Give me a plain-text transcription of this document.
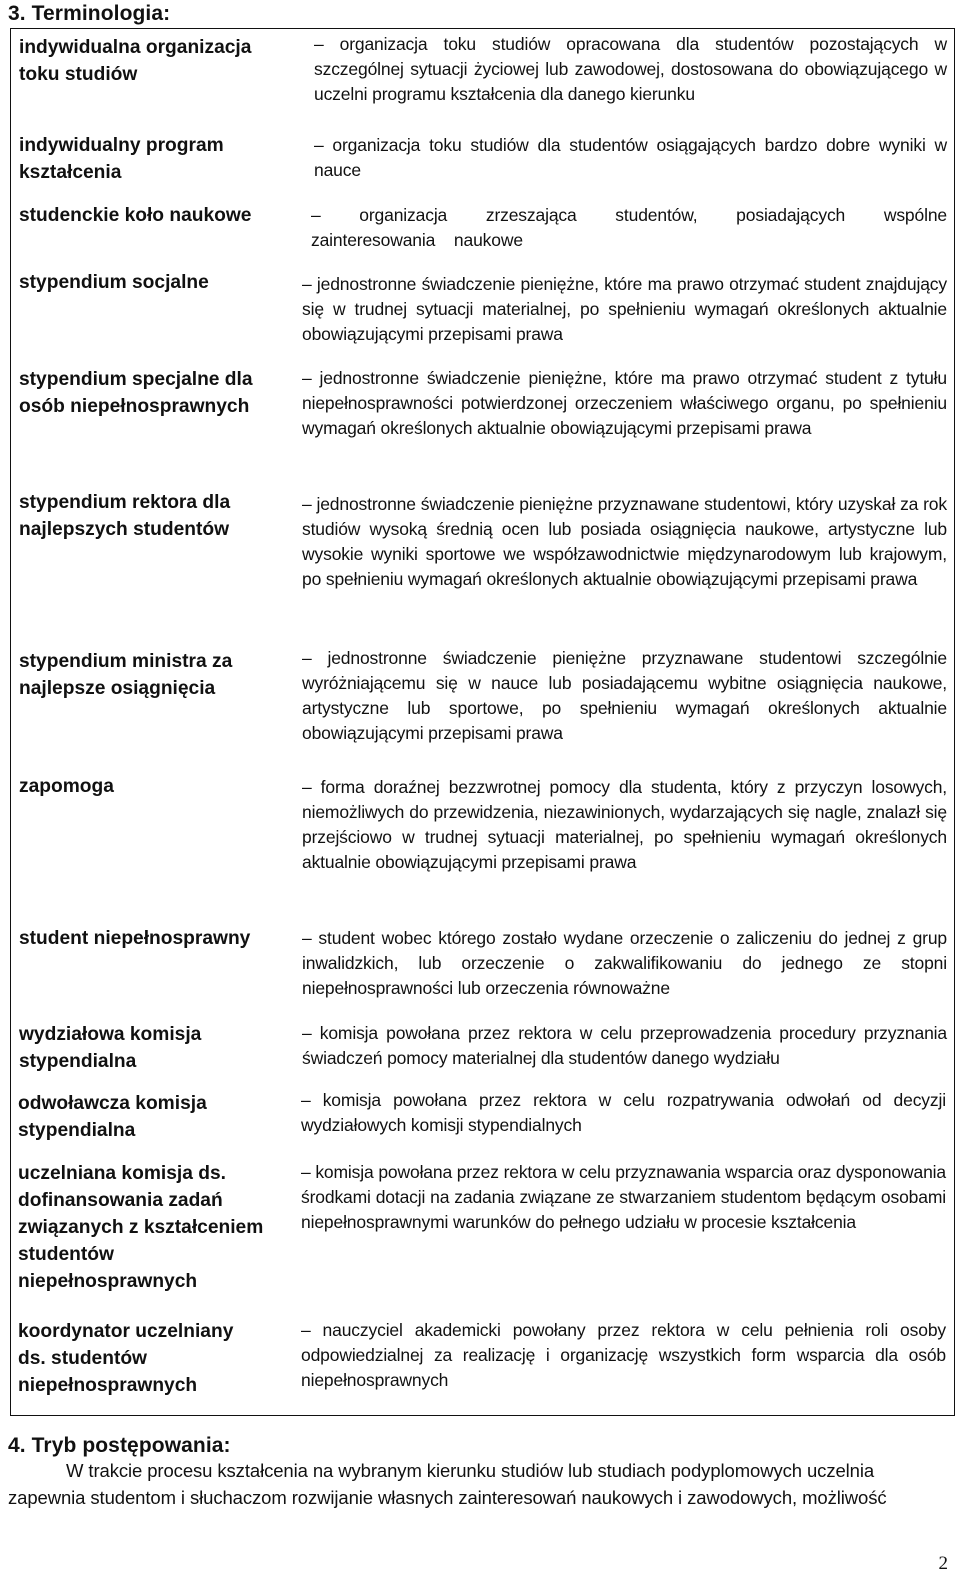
3. Terminologia:
indywidualna organizacja toku studiów
– organizacja toku studiów opracowana dla studentów pozostających w szczególnej sytuacji życiowej lub zawodowej, dostosowana do obowiązującego w uczelni programu kształcenia dla danego kierunku
indywidualny program kształcenia
– organizacja toku studiów dla studentów osiągających bardzo dobre wyniki w nauce
studenckie koło naukowe	– organizacja zrzeszająca studentów, posiadających wspólne zainteresowania naukowe
stypendium socjalne	– jednostronne świadczenie pieniężne, które ma prawo otrzymać student znajdujący się w trudnej sytuacji materialnej, po spełnieniu wymagań określonych aktualnie obowiązującymi przepisami prawa
stypendium specjalne dla osób niepełnosprawnych
– jednostronne świadczenie pieniężne, które ma prawo otrzymać student z tytułu niepełnosprawności potwierdzonej orzeczeniem właściwego organu, po spełnieniu wymagań określonych aktualnie obowiązującymi przepisami prawa
stypendium rektora dla najlepszych studentów
– jednostronne świadczenie pieniężne przyznawane studentowi, który uzyskał za rok studiów wysoką średnią ocen lub posiada osiągnięcia naukowe, artystyczne lub wysokie wyniki sportowe we współzawodnictwie międzynarodowym lub krajowym, po spełnieniu wymagań określonych aktualnie obowiązującymi przepisami prawa
stypendium ministra za najlepsze osiągnięcia
– jednostronne świadczenie pieniężne przyznawane studentowi szczególnie wyróżniającemu się w nauce lub posiadającemu wybitne osiągnięcia naukowe, artystyczne lub sportowe, po spełnieniu wymagań określonych aktualnie obowiązującymi przepisami prawa
zapomoga	– forma doraźnej bezzwrotnej pomocy dla studenta, który z przyczyn losowych, niemożliwych do przewidzenia, niezawinionych, wydarzających się nagle, znalazł się przejściowo w trudnej sytuacji materialnej, po spełnieniu wymagań określonych aktualnie obowiązującymi przepisami prawa
student niepełnosprawny	– student wobec którego zostało wydane orzeczenie o zaliczeniu do jednej z grup inwalidzkich, lub orzeczenie o zakwalifikowaniu do jednego ze stopni niepełnosprawności lub orzeczenia równoważne
wydziałowa komisja stypendialna
– komisja powołana przez rektora w celu przeprowadzenia procedury przyznania świadczeń pomocy materialnej dla studentów danego wydziału
odwoławcza komisja stypendialna
– komisja powołana przez rektora w celu rozpatrywania odwołań od decyzji wydziałowych komisji stypendialnych
uczelniana komisja ds. dofinansowania zadań związanych z kształceniem studentów niepełnosprawnych
– komisja powołana przez rektora w celu przyznawania wsparcia oraz dysponowania środkami dotacji na zadania związane ze stwarzaniem studentom będącym osobami niepełnosprawnymi warunków do pełnego udziału w procesie kształcenia
koordynator uczelniany ds. studentów niepełnosprawnych
– nauczyciel akademicki powołany przez rektora w celu pełnienia roli osoby odpowiedzialnej za realizację i organizację wszystkich form wsparcia dla osób niepełnosprawnych
4. Tryb postępowania:
W trakcie procesu kształcenia na wybranym kierunku studiów lub studiach podyplomowych uczelnia
zapewnia studentom i słuchaczom rozwijanie własnych zainteresowań naukowych i zawodowych, możliwość
2
